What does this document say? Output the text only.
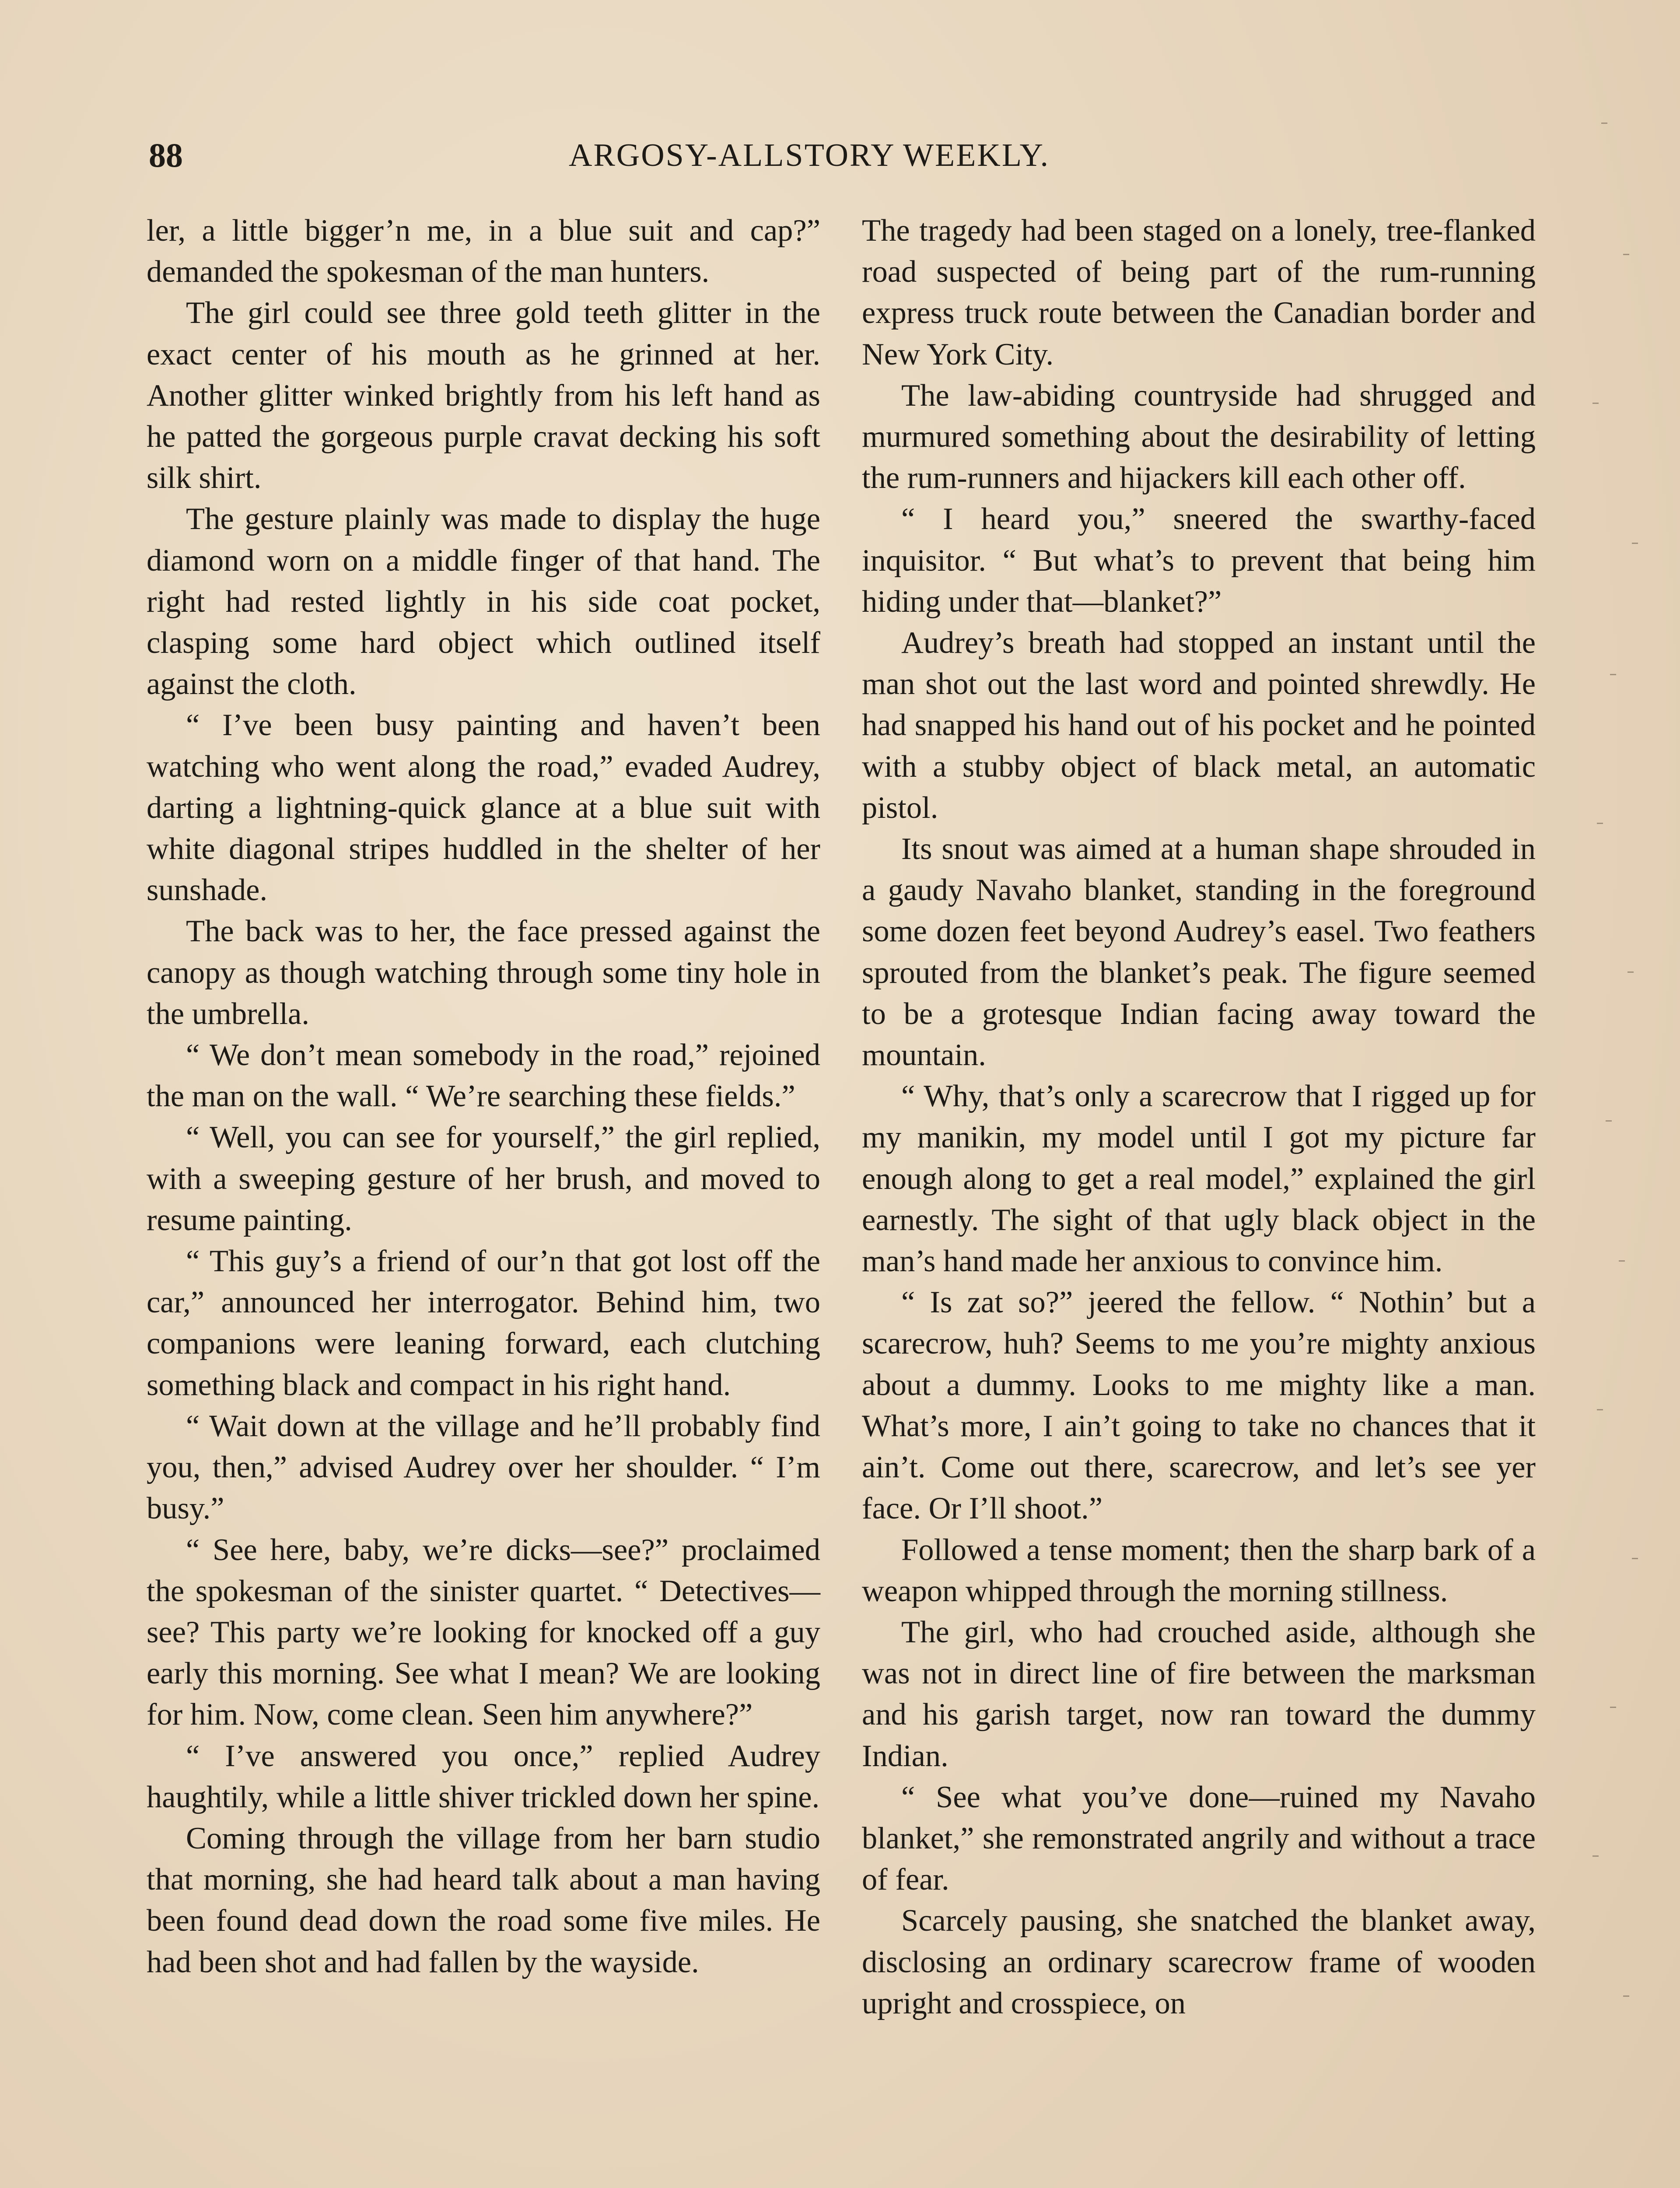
88	ARGOSY-ALLSTORY WEEKLY.

ler, a little bigger’n me, in a blue suit and cap?” demanded the spokesman of the man hunters.

The girl could see three gold teeth glitter in the exact center of his mouth as he grinned at her. Another glitter winked brightly from his left hand as he patted the gorgeous purple cravat decking his soft silk shirt.

The gesture plainly was made to display the huge diamond worn on a middle finger of that hand. The right had rested lightly in his side coat pocket, clasping some hard object which outlined itself against the cloth.

“ I’ve been busy painting and haven’t been watching who went along the road,” evaded Audrey, darting a lightning-quick glance at a blue suit with white diagonal stripes huddled in the shelter of her sunshade.

The back was to her, the face pressed against the canopy as though watching through some tiny hole in the umbrella.

“ We don’t mean somebody in the road,” rejoined the man on the wall. “ We’re searching these fields.”

“ Well, you can see for yourself,” the girl replied, with a sweeping gesture of her brush, and moved to resume painting.

“ This guy’s a friend of our’n that got lost off the car,” announced her interrogator. Behind him, two companions were leaning forward, each clutching something black and compact in his right hand.

“ Wait down at the village and he’ll probably find you, then,” advised Audrey over her shoulder. “ I’m busy.”

“ See here, baby, we’re dicks—see?” proclaimed the spokesman of the sinister quartet. “ Detectives—see? This party we’re looking for knocked off a guy early this morning. See what I mean? We are looking for him. Now, come clean. Seen him anywhere?”

“ I’ve answered you once,” replied Audrey haughtily, while a little shiver trickled down her spine.

Coming through the village from her barn studio that morning, she had heard talk about a man having been found dead down the road some five miles. He had been shot and had fallen by the wayside.

The tragedy had been staged on a lonely, tree-flanked road suspected of being part of the rum-running express truck route between the Canadian border and New York City.

The law-abiding countryside had shrugged and murmured something about the desirability of letting the rum-runners and hijackers kill each other off.

“ I heard you,” sneered the swarthy-faced inquisitor. “ But what’s to prevent that being him hiding under that—blanket?”

Audrey’s breath had stopped an instant until the man shot out the last word and pointed shrewdly. He had snapped his hand out of his pocket and he pointed with a stubby object of black metal, an automatic pistol.

Its snout was aimed at a human shape shrouded in a gaudy Navaho blanket, standing in the foreground some dozen feet beyond Audrey’s easel. Two feathers sprouted from the blanket’s peak. The figure seemed to be a grotesque Indian facing away toward the mountain.

“ Why, that’s only a scarecrow that I rigged up for my manikin, my model until I got my picture far enough along to get a real model,” explained the girl earnestly. The sight of that ugly black object in the man’s hand made her anxious to convince him.

“ Is zat so?” jeered the fellow. “ Nothin’ but a scarecrow, huh? Seems to me you’re mighty anxious about a dummy. Looks to me mighty like a man. What’s more, I ain’t going to take no chances that it ain’t. Come out there, scarecrow, and let’s see yer face. Or I’ll shoot.”

Followed a tense moment; then the sharp bark of a weapon whipped through the morning stillness.

The girl, who had crouched aside, although she was not in direct line of fire between the marksman and his garish target, now ran toward the dummy Indian.

“ See what you’ve done—ruined my Navaho blanket,” she remonstrated angrily and without a trace of fear.

Scarcely pausing, she snatched the blanket away, disclosing an ordinary scarecrow frame of wooden upright and crosspiece, on
